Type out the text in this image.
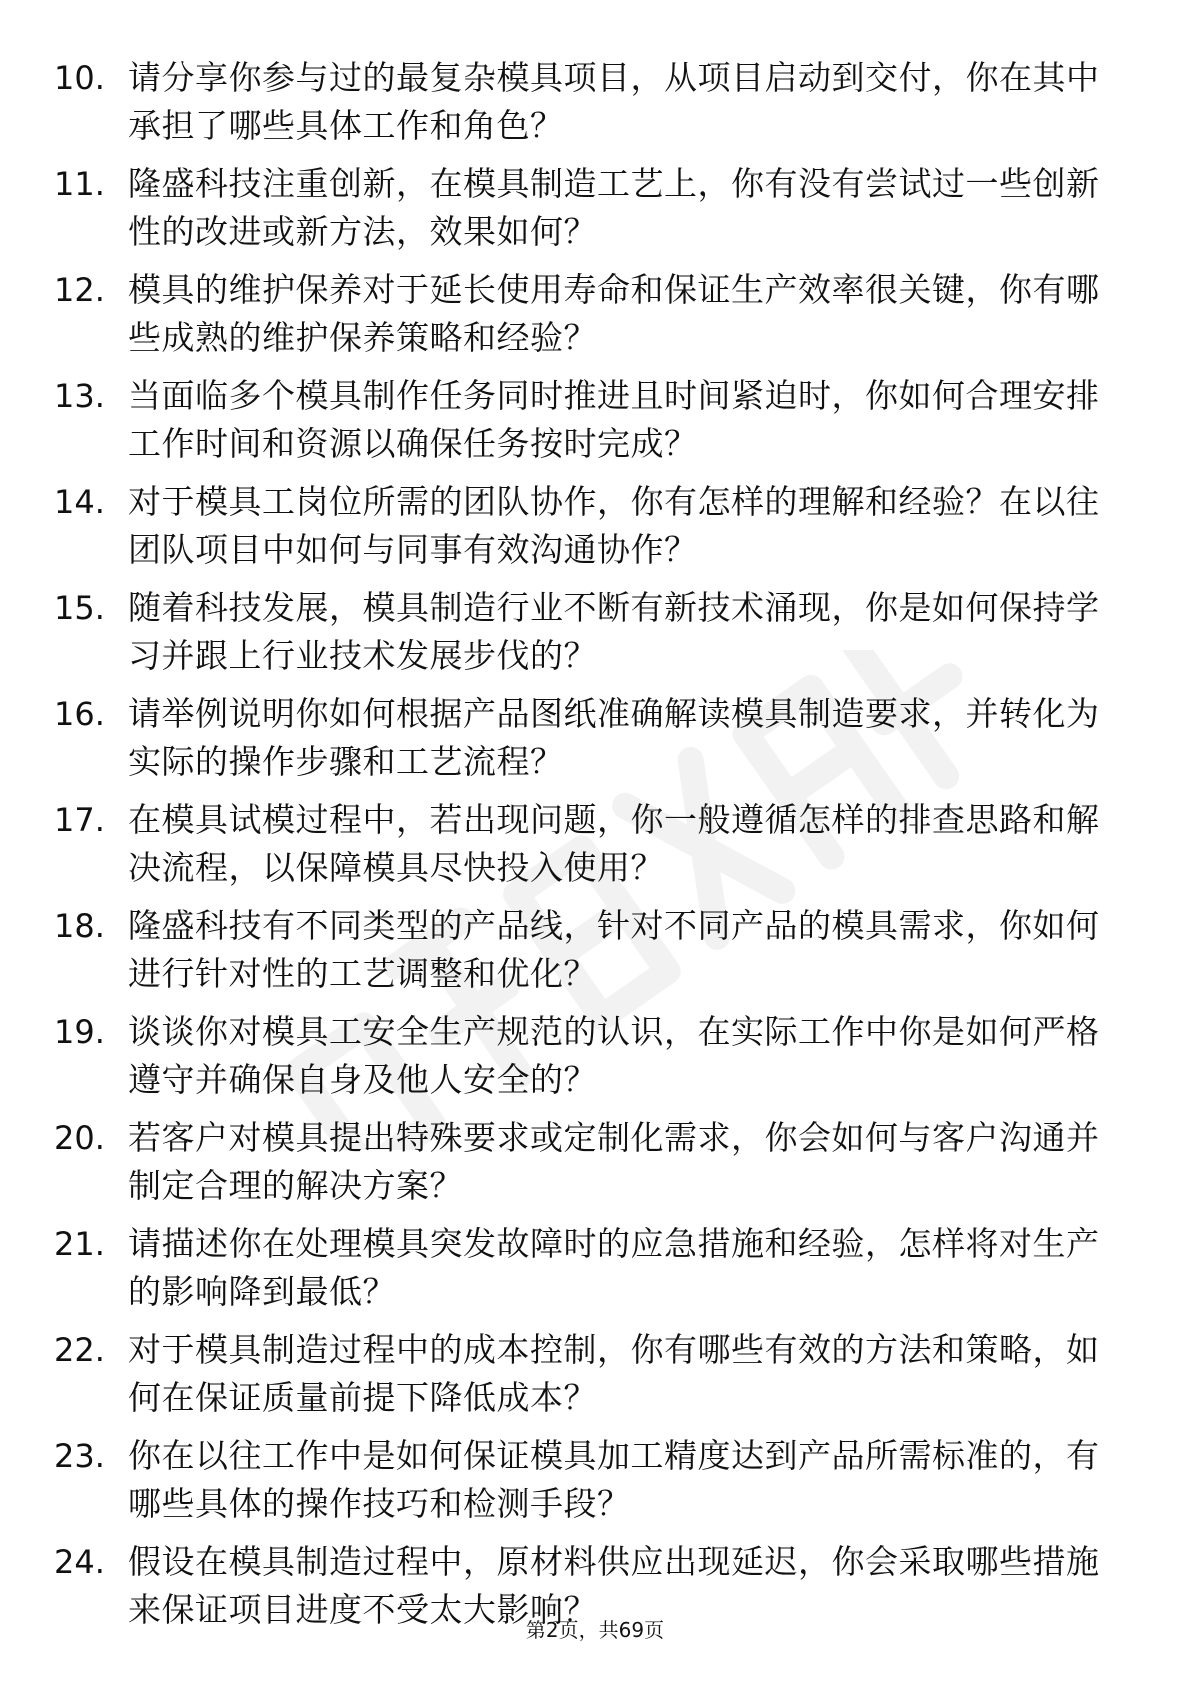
10. 请分享你参与过的最复杂模具项目，从项目启动到交付，你在其中承担了哪些具体工作和角色？
11. 隆盛科技注重创新，在模具制造工艺上，你有没有尝试过一些创新性的改进或新方法，效果如何？
12. 模具的维护保养对于延长使用寿命和保证生产效率很关键，你有哪些成熟的维护保养策略和经验？
13. 当面临多个模具制作任务同时推进且时间紧迫时，你如何合理安排工作时间和资源以确保任务按时完成？
14. 对于模具工岗位所需的团队协作，你有怎样的理解和经验？在以往团队项目中如何与同事有效沟通协作？
15. 随着科技发展，模具制造行业不断有新技术涌现，你是如何保持学习并跟上行业技术发展步伐的？
16. 请举例说明你如何根据产品图纸准确解读模具制造要求，并转化为实际的操作步骤和工艺流程？
17. 在模具试模过程中，若出现问题，你一般遵循怎样的排查思路和解决流程，以保障模具尽快投入使用？
18. 隆盛科技有不同类型的产品线，针对不同产品的模具需求，你如何进行针对性的工艺调整和优化？
19. 谈谈你对模具工安全生产规范的认识，在实际工作中你是如何严格遵守并确保自身及他人安全的？
20. 若客户对模具提出特殊要求或定制化需求，你会如何与客户沟通并制定合理的解决方案？
21. 请描述你在处理模具突发故障时的应急措施和经验，怎样将对生产的影响降到最低？
22. 对于模具制造过程中的成本控制，你有哪些有效的方法和策略，如何在保证质量前提下降低成本？
23. 你在以往工作中是如何保证模具加工精度达到产品所需标准的，有哪些具体的操作技巧和检测手段？
24. 假设在模具制造过程中，原材料供应出现延迟，你会采取哪些措施来保证项目进度不受太大影响？
第2页，共69页
